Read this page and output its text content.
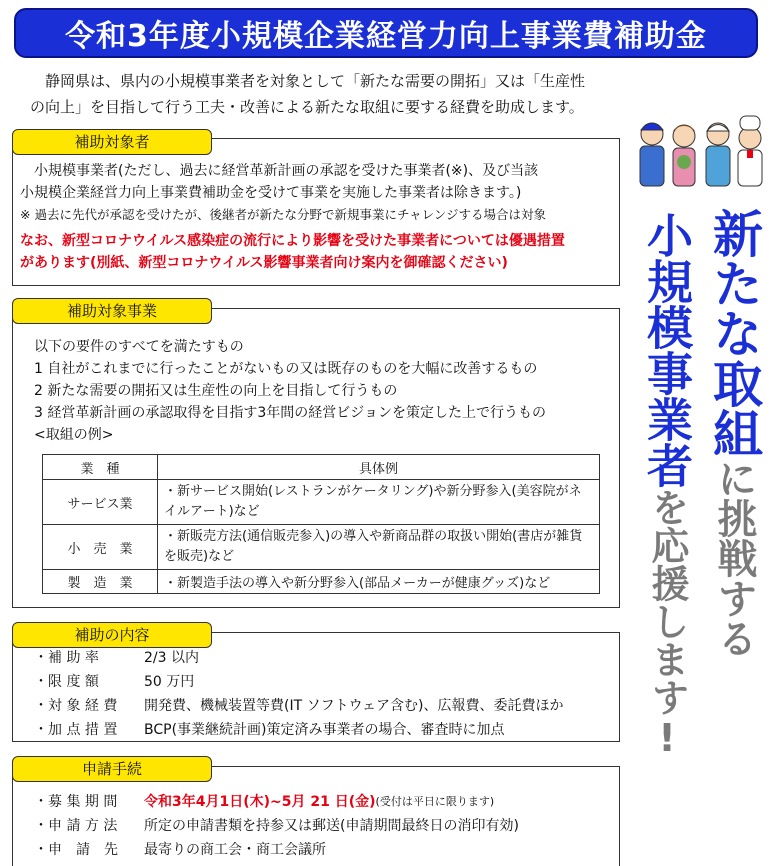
令和3年度小規模企業経営力向上事業費補助金

静岡県は、県内の小規模事業者を対象として「新たな需要の開拓」又は「生産性

の向上」を目指して行う工夫・改善による新たな取組に要する経費を助成します。

補助対象者
小規模事業者(ただし、過去に経営革新計画の承認を受けた事業者(※)、及び当該
小規模企業経営力向上事業費補助金を受けて事業を実施した事業者は除きます。)
※ 過去に先代が承認を受けたが、後継者が新たな分野で新規事業にチャレンジする場合は対象
なお、新型コロナウイルス感染症の流行により影響を受けた事業者については優遇措置
があります(別紙、新型コロナウイルス影響事業者向け案内を御確認ください)
補助対象事業
以下の要件のすべてを満たすもの
1 自社がこれまでに行ったことがないもの又は既存のものを大幅に改善するもの
2 新たな需要の開拓又は生産性の向上を目指して行うもの
3 経営革新計画の承認取得を目指す3年間の経営ビジョンを策定した上で行うもの
<取組の例>
業　種	具体例
サービス業	・新サービス開始(レストランがケータリング)や新分野参入(美容院がネイルアート)など
小　売　業	・新販売方法(通信販売参入)の導入や新商品群の取扱い開始(書店が雑貨を販売)など
製　造　業	・新製造手法の導入や新分野参入(部品メーカーが健康グッズ)など
補助の内容
・補 助 率	2/3 以内
・限 度 額	50 万円
・対 象 経 費	開発費、機械装置等費(IT ソフトウェア含む)、広報費、委託費ほか
・加 点 措 置	BCP(事業継続計画)策定済み事業者の場合、審査時に加点
申請手続
・募 集 期 間	令和3年4月1日(木)~5月 21 日(金) (受付は平日に限ります)
・申 請 方 法	所定の申請書類を持参又は郵送(申請期間最終日の消印有効)
・申　請　先	最寄りの商工会・商工会議所
新たな取組に挑戦する
小規模事業者を応援します!
